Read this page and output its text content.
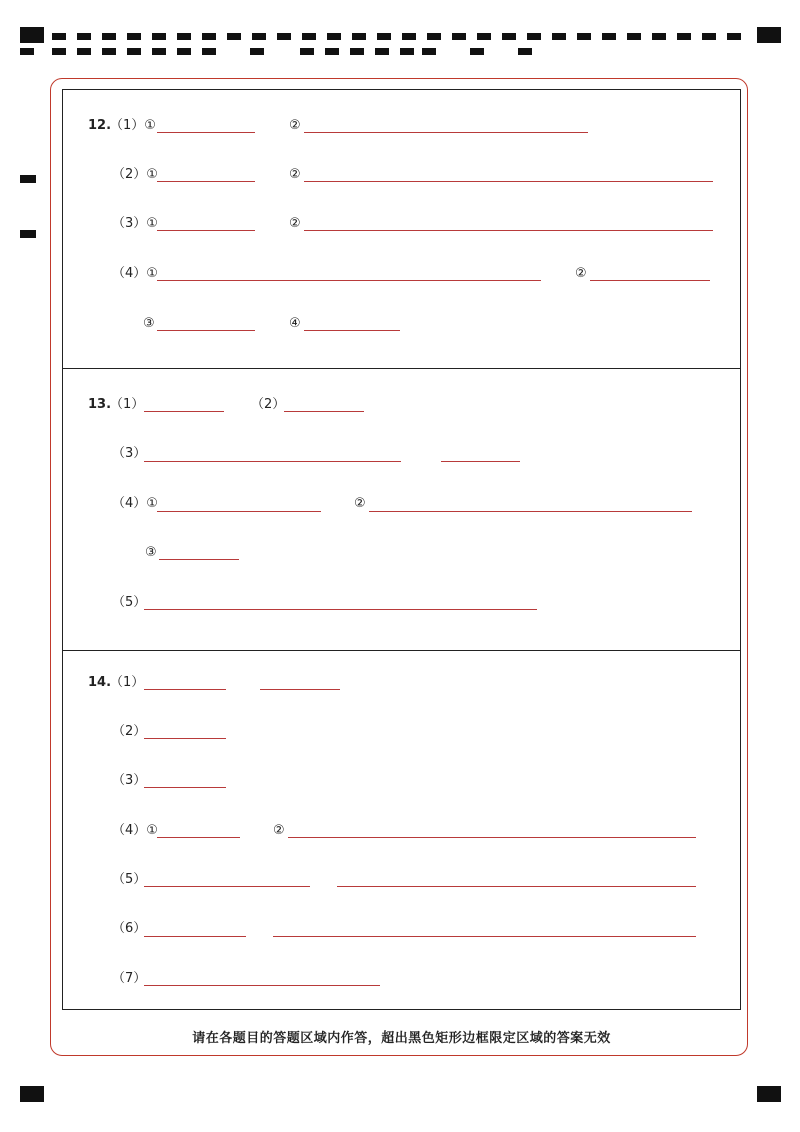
12.
（1）①	②
（2）①	②
（3）①	②
（4）①	②
③	④
13.
（1）	（2）
（3）
（4）①	②
③
（5）
14.
（1）
（2）
（3）
（4）①	②
（5）
（6）
（7）
请在各题目的答题区域内作答，超出黑色矩形边框限定区域的答案无效
